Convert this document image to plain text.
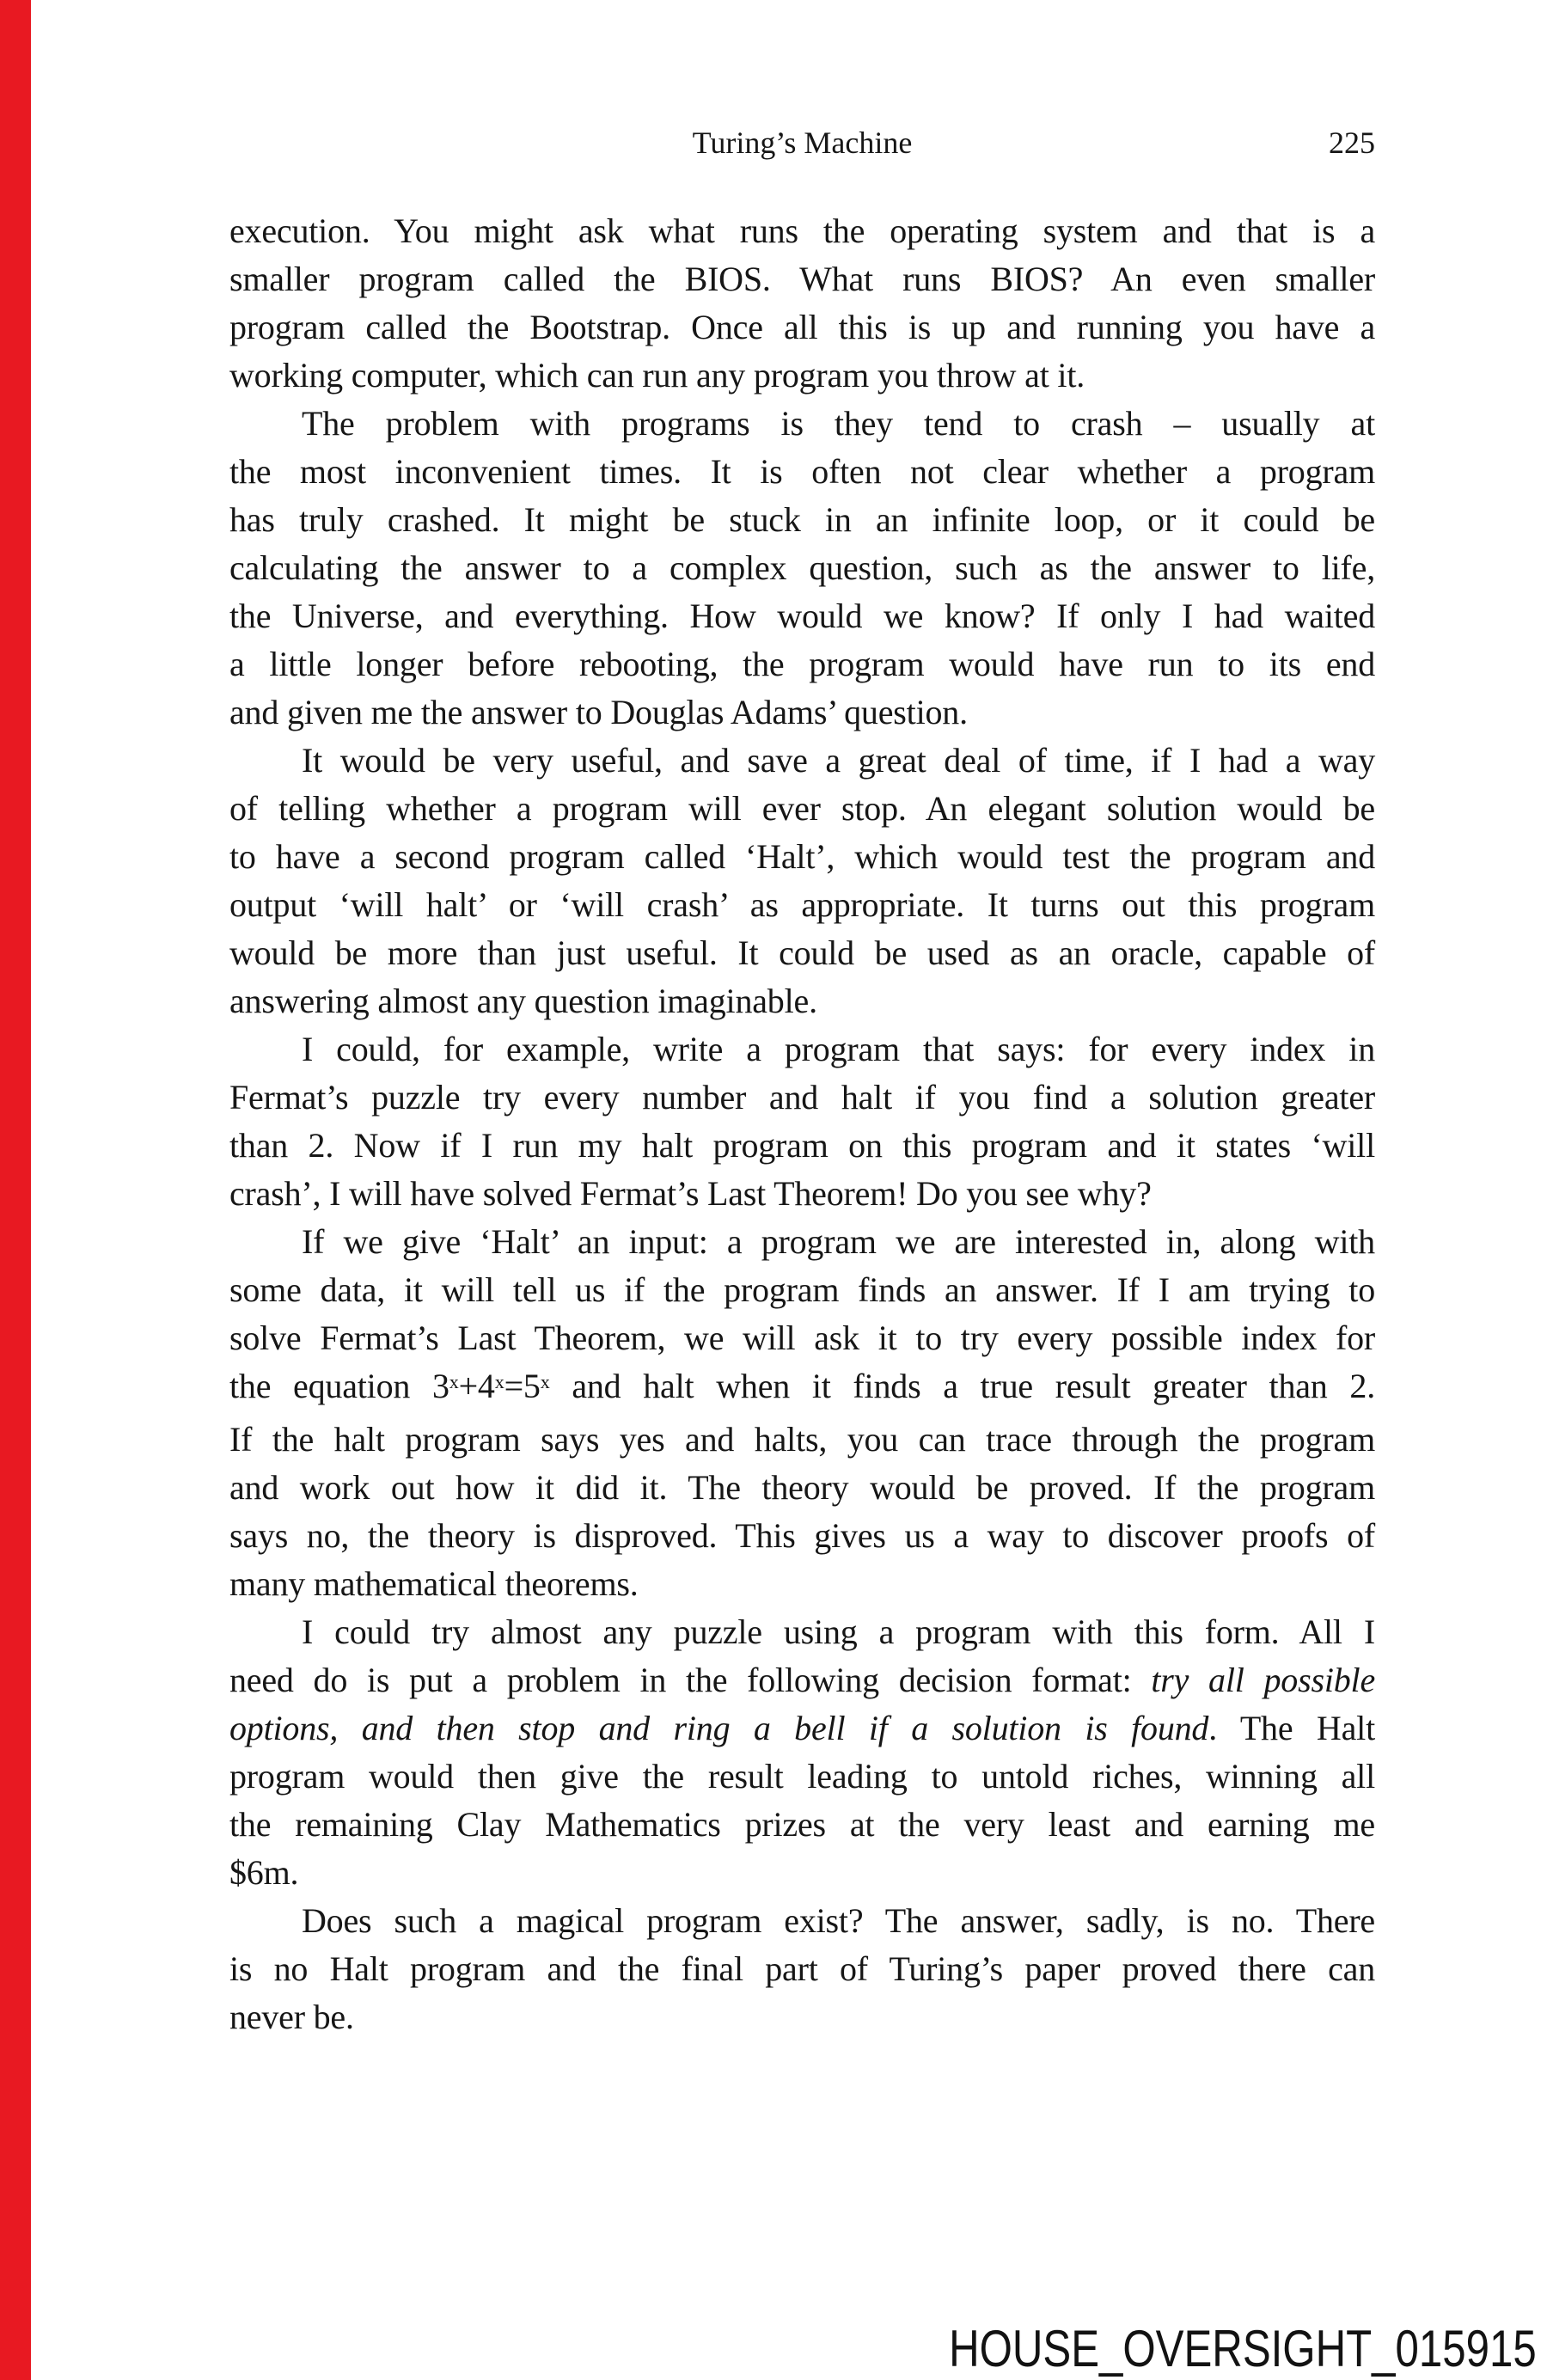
Turing’s Machine	225
execution. You might ask what runs the operating system and that is a
smaller program called the BIOS. What runs BIOS? An even smaller
program called the Bootstrap. Once all this is up and running you have a
working computer, which can run any program you throw at it.
The problem with programs is they tend to crash – usually at
the most inconvenient times. It is often not clear whether a program
has truly crashed. It might be stuck in an infinite loop, or it could be
calculating the answer to a complex question, such as the answer to life,
the Universe, and everything. How would we know? If only I had waited
a little longer before rebooting, the program would have run to its end
and given me the answer to Douglas Adams’ question.
It would be very useful, and save a great deal of time, if I had a way
of telling whether a program will ever stop. An elegant solution would be
to have a second program called ‘Halt’, which would test the program and
output ‘will halt’ or ‘will crash’ as appropriate. It turns out this program
would be more than just useful. It could be used as an oracle, capable of
answering almost any question imaginable.
I could, for example, write a program that says: for every index in
Fermat’s puzzle try every number and halt if you find a solution greater
than 2. Now if I run my halt program on this program and it states ‘will
crash’, I will have solved Fermat’s Last Theorem! Do you see why?
If we give ‘Halt’ an input: a program we are interested in, along with
some data, it will tell us if the program finds an answer. If I am trying to
solve Fermat’s Last Theorem, we will ask it to try every possible index for
the equation $3^x+4^x=5^x$ and halt when it finds a true result greater than 2.
If the halt program says yes and halts, you can trace through the program
and work out how it did it. The theory would be proved. If the program
says no, the theory is disproved. This gives us a way to discover proofs of
many mathematical theorems.
I could try almost any puzzle using a program with this form. All I
need do is put a problem in the following decision format: try all possible
options, and then stop and ring a bell if a solution is found. The Halt
program would then give the result leading to untold riches, winning all
the remaining Clay Mathematics prizes at the very least and earning me
$6m.
Does such a magical program exist? The answer, sadly, is no. There
is no Halt program and the final part of Turing’s paper proved there can
never be.
HOUSE_OVERSIGHT_015915
